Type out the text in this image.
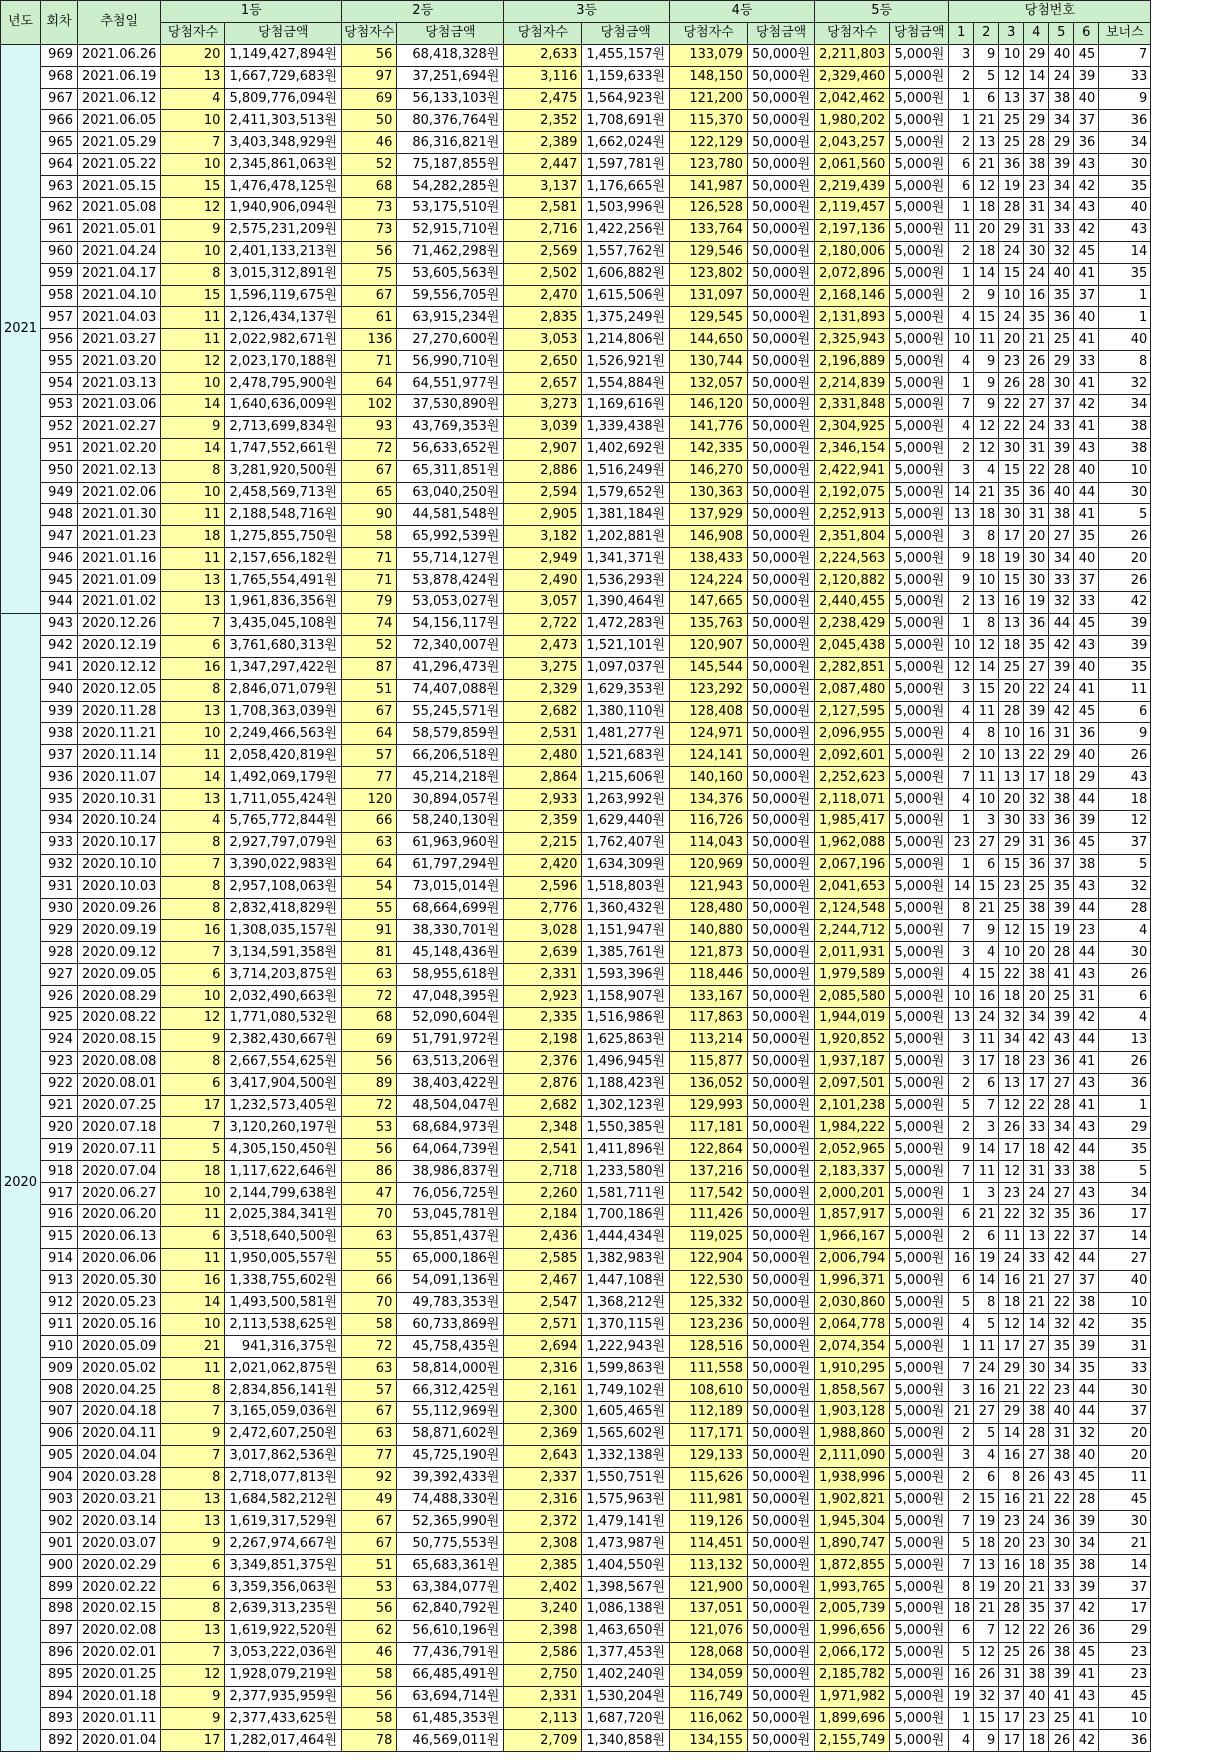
년도	회차	추첨일	1등		2등		3등		4등		5등		당첨번호						
			당첨자수	당첨금액	당첨자수	당첨금액	당첨자수	당첨금액	당첨자수	당첨금액	당첨자수	당첨금액	1	2	3	4	5	6	보너스
2021	969	2021.06.26	20	1,149,427,894원	56	68,418,328원	2,633	1,455,157원	133,079	50,000원	2,211,803	5,000원	3	9	10	29	40	45	7
	968	2021.06.19	13	1,667,729,683원	97	37,251,694원	3,116	1,159,633원	148,150	50,000원	2,329,460	5,000원	2	5	12	14	24	39	33
	967	2021.06.12	4	5,809,776,094원	69	56,133,103원	2,475	1,564,923원	121,200	50,000원	2,042,462	5,000원	1	6	13	37	38	40	9
	966	2021.06.05	10	2,411,303,513원	50	80,376,764원	2,352	1,708,691원	115,370	50,000원	1,980,202	5,000원	1	21	25	29	34	37	36
	965	2021.05.29	7	3,403,348,929원	46	86,316,821원	2,389	1,662,024원	122,129	50,000원	2,043,257	5,000원	2	13	25	28	29	36	34
	964	2021.05.22	10	2,345,861,063원	52	75,187,855원	2,447	1,597,781원	123,780	50,000원	2,061,560	5,000원	6	21	36	38	39	43	30
	963	2021.05.15	15	1,476,478,125원	68	54,282,285원	3,137	1,176,665원	141,987	50,000원	2,219,439	5,000원	6	12	19	23	34	42	35
	962	2021.05.08	12	1,940,906,094원	73	53,175,510원	2,581	1,503,996원	126,528	50,000원	2,119,457	5,000원	1	18	28	31	34	43	40
	961	2021.05.01	9	2,575,231,209원	73	52,915,710원	2,716	1,422,256원	133,764	50,000원	2,197,136	5,000원	11	20	29	31	33	42	43
	960	2021.04.24	10	2,401,133,213원	56	71,462,298원	2,569	1,557,762원	129,546	50,000원	2,180,006	5,000원	2	18	24	30	32	45	14
	959	2021.04.17	8	3,015,312,891원	75	53,605,563원	2,502	1,606,882원	123,802	50,000원	2,072,896	5,000원	1	14	15	24	40	41	35
	958	2021.04.10	15	1,596,119,675원	67	59,556,705원	2,470	1,615,506원	131,097	50,000원	2,168,146	5,000원	2	9	10	16	35	37	1
	957	2021.04.03	11	2,126,434,137원	61	63,915,234원	2,835	1,375,249원	129,545	50,000원	2,131,893	5,000원	4	15	24	35	36	40	1
	956	2021.03.27	11	2,022,982,671원	136	27,270,600원	3,053	1,214,806원	144,650	50,000원	2,325,943	5,000원	10	11	20	21	25	41	40
	955	2021.03.20	12	2,023,170,188원	71	56,990,710원	2,650	1,526,921원	130,744	50,000원	2,196,889	5,000원	4	9	23	26	29	33	8
	954	2021.03.13	10	2,478,795,900원	64	64,551,977원	2,657	1,554,884원	132,057	50,000원	2,214,839	5,000원	1	9	26	28	30	41	32
	953	2021.03.06	14	1,640,636,009원	102	37,530,890원	3,273	1,169,616원	146,120	50,000원	2,331,848	5,000원	7	9	22	27	37	42	34
	952	2021.02.27	9	2,713,699,834원	93	43,769,353원	3,039	1,339,438원	141,776	50,000원	2,304,925	5,000원	4	12	22	24	33	41	38
	951	2021.02.20	14	1,747,552,661원	72	56,633,652원	2,907	1,402,692원	142,335	50,000원	2,346,154	5,000원	2	12	30	31	39	43	38
	950	2021.02.13	8	3,281,920,500원	67	65,311,851원	2,886	1,516,249원	146,270	50,000원	2,422,941	5,000원	3	4	15	22	28	40	10
	949	2021.02.06	10	2,458,569,713원	65	63,040,250원	2,594	1,579,652원	130,363	50,000원	2,192,075	5,000원	14	21	35	36	40	44	30
	948	2021.01.30	11	2,188,548,716원	90	44,581,548원	2,905	1,381,184원	137,929	50,000원	2,252,913	5,000원	13	18	30	31	38	41	5
	947	2021.01.23	18	1,275,855,750원	58	65,992,539원	3,182	1,202,881원	146,908	50,000원	2,351,804	5,000원	3	8	17	20	27	35	26
	946	2021.01.16	11	2,157,656,182원	71	55,714,127원	2,949	1,341,371원	138,433	50,000원	2,224,563	5,000원	9	18	19	30	34	40	20
	945	2021.01.09	13	1,765,554,491원	71	53,878,424원	2,490	1,536,293원	124,224	50,000원	2,120,882	5,000원	9	10	15	30	33	37	26
	944	2021.01.02	13	1,961,836,356원	79	53,053,027원	3,057	1,390,464원	147,665	50,000원	2,440,455	5,000원	2	13	16	19	32	33	42
2020	943	2020.12.26	7	3,435,045,108원	74	54,156,117원	2,722	1,472,283원	135,763	50,000원	2,238,429	5,000원	1	8	13	36	44	45	39
	942	2020.12.19	6	3,761,680,313원	52	72,340,007원	2,473	1,521,101원	120,907	50,000원	2,045,438	5,000원	10	12	18	35	42	43	39
	941	2020.12.12	16	1,347,297,422원	87	41,296,473원	3,275	1,097,037원	145,544	50,000원	2,282,851	5,000원	12	14	25	27	39	40	35
	940	2020.12.05	8	2,846,071,079원	51	74,407,088원	2,329	1,629,353원	123,292	50,000원	2,087,480	5,000원	3	15	20	22	24	41	11
	939	2020.11.28	13	1,708,363,039원	67	55,245,571원	2,682	1,380,110원	128,408	50,000원	2,127,595	5,000원	4	11	28	39	42	45	6
	938	2020.11.21	10	2,249,466,563원	64	58,579,859원	2,531	1,481,277원	124,971	50,000원	2,096,955	5,000원	4	8	10	16	31	36	9
	937	2020.11.14	11	2,058,420,819원	57	66,206,518원	2,480	1,521,683원	124,141	50,000원	2,092,601	5,000원	2	10	13	22	29	40	26
	936	2020.11.07	14	1,492,069,179원	77	45,214,218원	2,864	1,215,606원	140,160	50,000원	2,252,623	5,000원	7	11	13	17	18	29	43
	935	2020.10.31	13	1,711,055,424원	120	30,894,057원	2,933	1,263,992원	134,376	50,000원	2,118,071	5,000원	4	10	20	32	38	44	18
	934	2020.10.24	4	5,765,772,844원	66	58,240,130원	2,359	1,629,440원	116,726	50,000원	1,985,417	5,000원	1	3	30	33	36	39	12
	933	2020.10.17	8	2,927,797,079원	63	61,963,960원	2,215	1,762,407원	114,043	50,000원	1,962,088	5,000원	23	27	29	31	36	45	37
	932	2020.10.10	7	3,390,022,983원	64	61,797,294원	2,420	1,634,309원	120,969	50,000원	2,067,196	5,000원	1	6	15	36	37	38	5
	931	2020.10.03	8	2,957,108,063원	54	73,015,014원	2,596	1,518,803원	121,943	50,000원	2,041,653	5,000원	14	15	23	25	35	43	32
	930	2020.09.26	8	2,832,418,829원	55	68,664,699원	2,776	1,360,432원	128,480	50,000원	2,124,548	5,000원	8	21	25	38	39	44	28
	929	2020.09.19	16	1,308,035,157원	91	38,330,701원	3,028	1,151,947원	140,880	50,000원	2,244,712	5,000원	7	9	12	15	19	23	4
	928	2020.09.12	7	3,134,591,358원	81	45,148,436원	2,639	1,385,761원	121,873	50,000원	2,011,931	5,000원	3	4	10	20	28	44	30
	927	2020.09.05	6	3,714,203,875원	63	58,955,618원	2,331	1,593,396원	118,446	50,000원	1,979,589	5,000원	4	15	22	38	41	43	26
	926	2020.08.29	10	2,032,490,663원	72	47,048,395원	2,923	1,158,907원	133,167	50,000원	2,085,580	5,000원	10	16	18	20	25	31	6
	925	2020.08.22	12	1,771,080,532원	68	52,090,604원	2,335	1,516,986원	117,863	50,000원	1,944,019	5,000원	13	24	32	34	39	42	4
	924	2020.08.15	9	2,382,430,667원	69	51,791,972원	2,198	1,625,863원	113,214	50,000원	1,920,852	5,000원	3	11	34	42	43	44	13
	923	2020.08.08	8	2,667,554,625원	56	63,513,206원	2,376	1,496,945원	115,877	50,000원	1,937,187	5,000원	3	17	18	23	36	41	26
	922	2020.08.01	6	3,417,904,500원	89	38,403,422원	2,876	1,188,423원	136,052	50,000원	2,097,501	5,000원	2	6	13	17	27	43	36
	921	2020.07.25	17	1,232,573,405원	72	48,504,047원	2,682	1,302,123원	129,993	50,000원	2,101,238	5,000원	5	7	12	22	28	41	1
	920	2020.07.18	7	3,120,260,197원	53	68,684,973원	2,348	1,550,385원	117,181	50,000원	1,984,222	5,000원	2	3	26	33	34	43	29
	919	2020.07.11	5	4,305,150,450원	56	64,064,739원	2,541	1,411,896원	122,864	50,000원	2,052,965	5,000원	9	14	17	18	42	44	35
	918	2020.07.04	18	1,117,622,646원	86	38,986,837원	2,718	1,233,580원	137,216	50,000원	2,183,337	5,000원	7	11	12	31	33	38	5
	917	2020.06.27	10	2,144,799,638원	47	76,056,725원	2,260	1,581,711원	117,542	50,000원	2,000,201	5,000원	1	3	23	24	27	43	34
	916	2020.06.20	11	2,025,384,341원	70	53,045,781원	2,184	1,700,186원	111,426	50,000원	1,857,917	5,000원	6	21	22	32	35	36	17
	915	2020.06.13	6	3,518,640,500원	63	55,851,437원	2,436	1,444,434원	119,025	50,000원	1,966,167	5,000원	2	6	11	13	22	37	14
	914	2020.06.06	11	1,950,005,557원	55	65,000,186원	2,585	1,382,983원	122,904	50,000원	2,006,794	5,000원	16	19	24	33	42	44	27
	913	2020.05.30	16	1,338,755,602원	66	54,091,136원	2,467	1,447,108원	122,530	50,000원	1,996,371	5,000원	6	14	16	21	27	37	40
	912	2020.05.23	14	1,493,500,581원	70	49,783,353원	2,547	1,368,212원	125,332	50,000원	2,030,860	5,000원	5	8	18	21	22	38	10
	911	2020.05.16	10	2,113,538,625원	58	60,733,869원	2,571	1,370,115원	123,236	50,000원	2,064,778	5,000원	4	5	12	14	32	42	35
	910	2020.05.09	21	941,316,375원	72	45,758,435원	2,694	1,222,943원	128,516	50,000원	2,074,354	5,000원	1	11	17	27	35	39	31
	909	2020.05.02	11	2,021,062,875원	63	58,814,000원	2,316	1,599,863원	111,558	50,000원	1,910,295	5,000원	7	24	29	30	34	35	33
	908	2020.04.25	8	2,834,856,141원	57	66,312,425원	2,161	1,749,102원	108,610	50,000원	1,858,567	5,000원	3	16	21	22	23	44	30
	907	2020.04.18	7	3,165,059,036원	67	55,112,969원	2,300	1,605,465원	112,189	50,000원	1,903,128	5,000원	21	27	29	38	40	44	37
	906	2020.04.11	9	2,472,607,250원	63	58,871,602원	2,369	1,565,602원	117,171	50,000원	1,988,860	5,000원	2	5	14	28	31	32	20
	905	2020.04.04	7	3,017,862,536원	77	45,725,190원	2,643	1,332,138원	129,133	50,000원	2,111,090	5,000원	3	4	16	27	38	40	20
	904	2020.03.28	8	2,718,077,813원	92	39,392,433원	2,337	1,550,751원	115,626	50,000원	1,938,996	5,000원	2	6	8	26	43	45	11
	903	2020.03.21	13	1,684,582,212원	49	74,488,330원	2,316	1,575,963원	111,981	50,000원	1,902,821	5,000원	2	15	16	21	22	28	45
	902	2020.03.14	13	1,619,317,529원	67	52,365,990원	2,372	1,479,141원	119,126	50,000원	1,945,304	5,000원	7	19	23	24	36	39	30
	901	2020.03.07	9	2,267,974,667원	67	50,775,553원	2,308	1,473,987원	114,451	50,000원	1,890,747	5,000원	5	18	20	23	30	34	21
	900	2020.02.29	6	3,349,851,375원	51	65,683,361원	2,385	1,404,550원	113,132	50,000원	1,872,855	5,000원	7	13	16	18	35	38	14
	899	2020.02.22	6	3,359,356,063원	53	63,384,077원	2,402	1,398,567원	121,900	50,000원	1,993,765	5,000원	8	19	20	21	33	39	37
	898	2020.02.15	8	2,639,313,235원	56	62,840,792원	3,240	1,086,138원	137,051	50,000원	2,005,739	5,000원	18	21	28	35	37	42	17
	897	2020.02.08	13	1,619,922,520원	62	56,610,196원	2,398	1,463,650원	121,076	50,000원	1,996,656	5,000원	6	7	12	22	26	36	29
	896	2020.02.01	7	3,053,222,036원	46	77,436,791원	2,586	1,377,453원	128,068	50,000원	2,066,172	5,000원	5	12	25	26	38	45	23
	895	2020.01.25	12	1,928,079,219원	58	66,485,491원	2,750	1,402,240원	134,059	50,000원	2,185,782	5,000원	16	26	31	38	39	41	23
	894	2020.01.18	9	2,377,935,959원	56	63,694,714원	2,331	1,530,204원	116,749	50,000원	1,971,982	5,000원	19	32	37	40	41	43	45
	893	2020.01.11	9	2,377,433,625원	58	61,485,353원	2,113	1,687,720원	116,062	50,000원	1,899,696	5,000원	1	15	17	23	25	41	10
	892	2020.01.04	17	1,282,017,464원	78	46,569,011원	2,709	1,340,858원	134,155	50,000원	2,155,749	5,000원	4	9	17	18	26	42	36
